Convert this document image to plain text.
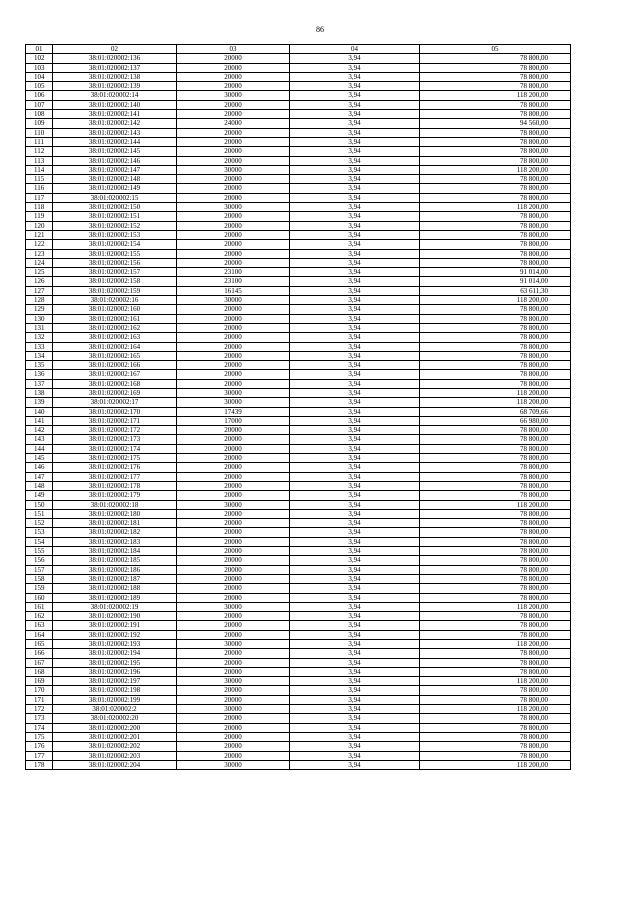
86
01	02	03	04	05
102	38:01:020002:136	20000	3,94	78 800,00
103	38:01:020002:137	20000	3,94	78 800,00
104	38:01:020002:138	20000	3,94	78 800,00
105	38:01:020002:139	20000	3,94	78 800,00
106	38:01:020002:14	30000	3,94	118 200,00
107	38:01:020002:140	20000	3,94	78 800,00
108	38:01:020002:141	20000	3,94	78 800,00
109	38:01:020002:142	24000	3,94	94 560,00
110	38:01:020002:143	20000	3,94	78 800,00
111	38:01:020002:144	20000	3,94	78 800,00
112	38:01:020002:145	20000	3,94	78 800,00
113	38:01:020002:146	20000	3,94	78 800,00
114	38:01:020002:147	30000	3,94	118 200,00
115	38:01:020002:148	20000	3,94	78 800,00
116	38:01:020002:149	20000	3,94	78 800,00
117	38:01:020002:15	20000	3,94	78 800,00
118	38:01:020002:150	30000	3,94	118 200,00
119	38:01:020002:151	20000	3,94	78 800,00
120	38:01:020002:152	20000	3,94	78 800,00
121	38:01:020002:153	20000	3,94	78 800,00
122	38:01:020002:154	20000	3,94	78 800,00
123	38:01:020002:155	20000	3,94	78 800,00
124	38:01:020002:156	20000	3,94	78 800,00
125	38:01:020002:157	23100	3,94	91 014,00
126	38:01:020002:158	23100	3,94	91 014,00
127	38:01:020002:159	16145	3,94	63 611,30
128	38:01:020002:16	30000	3,94	118 200,00
129	38:01:020002:160	20000	3,94	78 800,00
130	38:01:020002:161	20000	3,94	78 800,00
131	38:01:020002:162	20000	3,94	78 800,00
132	38:01:020002:163	20000	3,94	78 800,00
133	38:01:020002:164	20000	3,94	78 800,00
134	38:01:020002:165	20000	3,94	78 800,00
135	38:01:020002:166	20000	3,94	78 800,00
136	38:01:020002:167	20000	3,94	78 800,00
137	38:01:020002:168	20000	3,94	78 800,00
138	38:01:020002:169	30000	3,94	118 200,00
139	38:01:020002:17	30000	3,94	118 200,00
140	38:01:020002:170	17439	3,94	68 709,66
141	38:01:020002:171	17000	3,94	66 980,00
142	38:01:020002:172	20000	3,94	78 800,00
143	38:01:020002:173	20000	3,94	78 800,00
144	38:01:020002:174	20000	3,94	78 800,00
145	38:01:020002:175	20000	3,94	78 800,00
146	38:01:020002:176	20000	3,94	78 800,00
147	38:01:020002:177	20000	3,94	78 800,00
148	38:01:020002:178	20000	3,94	78 800,00
149	38:01:020002:179	20000	3,94	78 800,00
150	38:01:020002:18	30000	3,94	118 200,00
151	38:01:020002:180	20000	3,94	78 800,00
152	38:01:020002:181	20000	3,94	78 800,00
153	38:01:020002:182	20000	3,94	78 800,00
154	38:01:020002:183	20000	3,94	78 800,00
155	38:01:020002:184	20000	3,94	78 800,00
156	38:01:020002:185	20000	3,94	78 800,00
157	38:01:020002:186	20000	3,94	78 800,00
158	38:01:020002:187	20000	3,94	78 800,00
159	38:01:020002:188	20000	3,94	78 800,00
160	38:01:020002:189	20000	3,94	78 800,00
161	38:01:020002:19	30000	3,94	118 200,00
162	38:01:020002:190	20000	3,94	78 800,00
163	38:01:020002:191	20000	3,94	78 800,00
164	38:01:020002:192	20000	3,94	78 800,00
165	38:01:020002:193	30000	3,94	118 200,00
166	38:01:020002:194	20000	3,94	78 800,00
167	38:01:020002:195	20000	3,94	78 800,00
168	38:01:020002:196	20000	3,94	78 800,00
169	38:01:020002:197	30000	3,94	118 200,00
170	38:01:020002:198	20000	3,94	78 800,00
171	38:01:020002:199	20000	3,94	78 800,00
172	38:01:020002:2	30000	3,94	118 200,00
173	38:01:020002:20	20000	3,94	78 800,00
174	38:01:020002:200	20000	3,94	78 800,00
175	38:01:020002:201	20000	3,94	78 800,00
176	38:01:020002:202	20000	3,94	78 800,00
177	38:01:020002:203	20000	3,94	78 800,00
178	38:01:020002:204	30000	3,94	118 200,00
